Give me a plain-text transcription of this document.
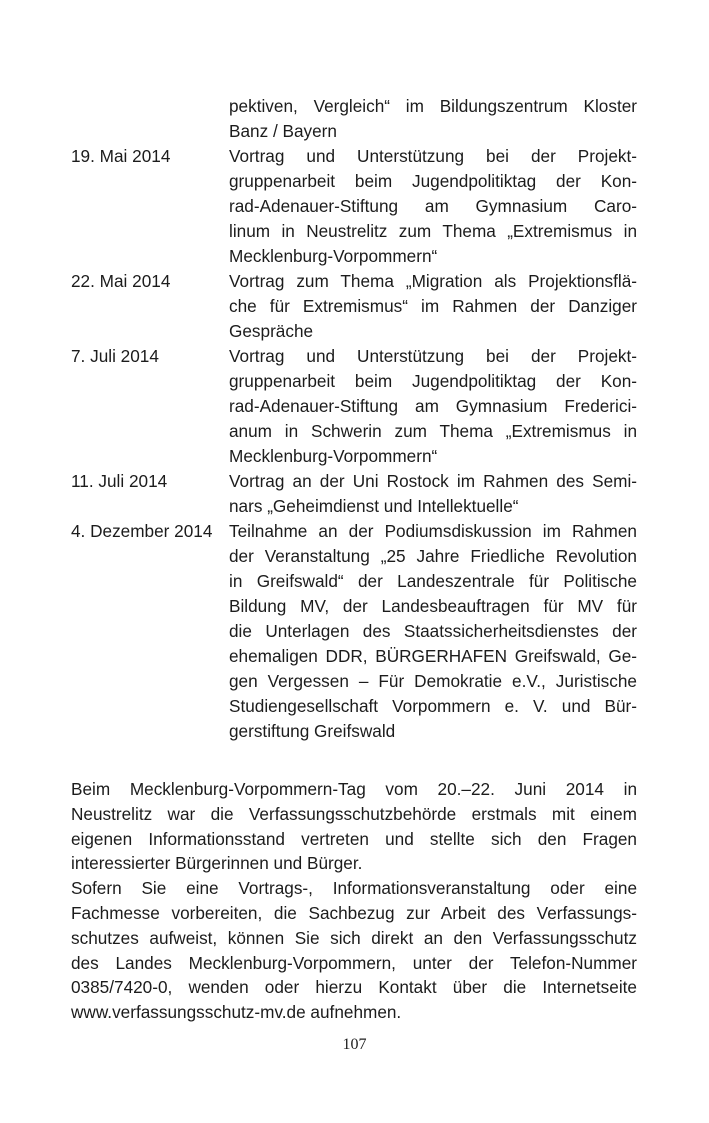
pektiven, Vergleich“ im Bildungszentrum Kloster
Banz / Bayern
19. Mai 2014	Vortrag und Unterstützung bei der Projekt-
gruppenarbeit beim Jugendpolitiktag der Kon-
rad-Adenauer-Stiftung am Gymnasium Caro-
linum in Neustrelitz zum Thema „Extremismus in
Mecklenburg-Vorpommern“
22. Mai 2014	Vortrag zum Thema „Migration als Projektionsflä-
che für Extremismus“ im Rahmen der Danziger
Gespräche
7. Juli 2014	Vortrag und Unterstützung bei der Projekt-
gruppenarbeit beim Jugendpolitiktag der Kon-
rad-Adenauer-Stiftung am Gymnasium Frederici-
anum in Schwerin zum Thema „Extremismus in
Mecklenburg-Vorpommern“
11. Juli 2014	Vortrag an der Uni Rostock im Rahmen des Semi-
nars „Geheimdienst und Intellektuelle“
4. Dezember 2014 Teilnahme an der Podiumsdiskussion im Rahmen
der Veranstaltung „25 Jahre Friedliche Revolution
in Greifswald“ der Landeszentrale für Politische
Bildung MV, der Landesbeauftragen für MV für
die Unterlagen des Staatssicherheitsdienstes der
ehemaligen DDR, BÜRGERHAFEN Greifswald, Ge-
gen Vergessen – Für Demokratie e.V., Juristische
Studiengesellschaft Vorpommern e. V. und Bür-
gerstiftung Greifswald
Beim Mecklenburg-Vorpommern-Tag vom 20.–22. Juni 2014 in
Neustrelitz war die Verfassungsschutzbehörde erstmals mit einem
eigenen Informationsstand vertreten und stellte sich den Fragen
interessierter Bürgerinnen und Bürger.
Sofern Sie eine Vortrags-, Informationsveranstaltung oder eine
Fachmesse vorbereiten, die Sachbezug zur Arbeit des Verfassungs-
schutzes aufweist, können Sie sich direkt an den Verfassungsschutz
des Landes Mecklenburg-Vorpommern, unter der Telefon-Nummer
0385/7420-0, wenden oder hierzu Kontakt über die Internetseite
www.verfassungsschutz-mv.de aufnehmen.
107
